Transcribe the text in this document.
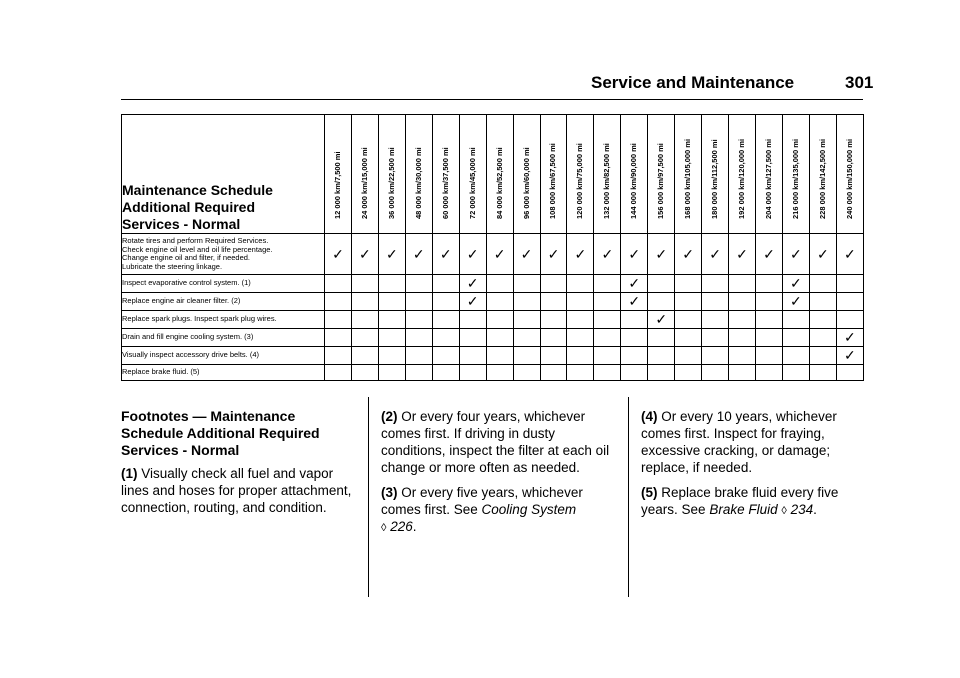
Service and Maintenance	301
Maintenance Schedule
Additional Required
Services - Normal	12 000 km/7,500 mi	24 000 km/15,000 mi	36 000 km/22,500 mi	48 000 km/30,000 mi	60 000 km/37,500 mi	72 000 km/45,000 mi	84 000 km/52,500 mi	96 000 km/60,000 mi	108 000 km/67,500 mi	120 000 km/75,000 mi	132 000 km/82,500 mi	144 000 km/90,000 mi	156 000 km/97,500 mi	168 000 km/105,000 mi	180 000 km/112,500 mi	192 000 km/120,000 mi	204 000 km/127,500 mi	216 000 km/135,000 mi	228 000 km/142,500 mi	240 000 km/150,000 mi

Rotate tires and perform Required Services.
Check engine oil level and oil life percentage.
Change engine oil and filter, if needed.
Lubricate the steering linkage.	✓	✓	✓	✓	✓	✓	✓	✓	✓	✓	✓	✓	✓	✓	✓	✓	✓	✓	✓	✓

Inspect evaporative control system. (1)						✓						✓						✓		

Replace engine air cleaner filter. (2)						✓						✓						✓		

Replace spark plugs. Inspect spark plug wires.													✓							

Drain and fill engine cooling system. (3)																				✓

Visually inspect accessory drive belts. (4)																				✓

Replace brake fluid. (5)																				

Footnotes — Maintenance
Schedule Additional Required
Services - Normal

(1) Visually check all fuel and vapor lines and hoses for proper attachment, connection, routing, and condition.

(2) Or every four years, whichever comes first. If driving in dusty conditions, inspect the filter at each oil change or more often as needed.

(3) Or every five years, whichever comes first. See Cooling System
◊ 226.

(4) Or every 10 years, whichever comes first. Inspect for fraying, excessive cracking, or damage; replace, if needed.

(5) Replace brake fluid every five years. See Brake Fluid ◊ 234.
